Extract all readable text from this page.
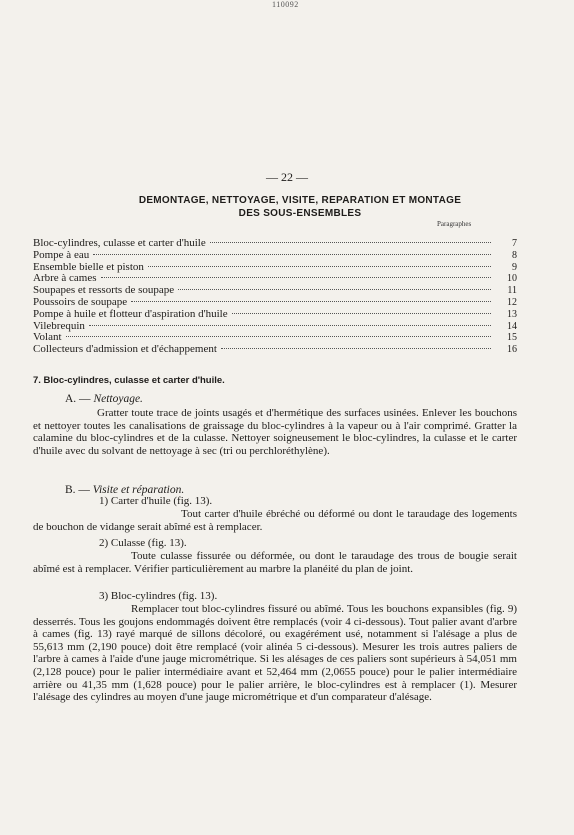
110092
— 22 —
DEMONTAGE, NETTOYAGE, VISITE, REPARATION ET MONTAGE
DES SOUS-ENSEMBLES
Paragraphes
Bloc-cylindres, culasse et carter d'huile	7
Pompe à eau	8
Ensemble bielle et piston	9
Arbre à cames	10
Soupapes et ressorts de soupape	11
Poussoirs de soupape	12
Pompe à huile et flotteur d'aspiration d'huile	13
Vilebrequin	14
Volant	15
Collecteurs d'admission et d'échappement	16
7. Bloc-cylindres, culasse et carter d'huile.
A. — Nettoyage.

Gratter toute trace de joints usagés et d'hermétique des surfaces usinées. Enlever les bouchons et nettoyer toutes les canalisations de graissage du bloc-cylindres à la vapeur ou à l'air comprimé. Gratter la calamine du bloc-cylindres et de la culasse. Nettoyer soigneusement le bloc-cylindres, la culasse et le carter d'huile avec du solvant de nettoyage à sec (tri ou perchloréthylène).

B. — Visite et réparation.
1) Carter d'huile (fig. 13).

Tout carter d'huile ébréché ou déformé ou dont le taraudage des logements de bouchon de vidange serait abîmé est à remplacer.

2) Culasse (fig. 13).

Toute culasse fissurée ou déformée, ou dont le taraudage des trous de bougie serait abîmé est à remplacer. Vérifier particulièrement au marbre la planéité du plan de joint.

3) Bloc-cylindres (fig. 13).

Remplacer tout bloc-cylindres fissuré ou abîmé. Tous les bouchons expansibles (fig. 9) desserrés. Tous les goujons endommagés doivent être remplacés (voir 4 ci-dessous). Tout palier avant d'arbre à cames (fig. 13) rayé marqué de sillons décoloré, ou exagérément usé, notamment si l'alésage a plus de 55,613 mm (2,190 pouce) doit être remplacé (voir alinéa 5 ci-dessous). Mesurer les trois autres paliers de l'arbre à cames à l'aide d'une jauge micrométrique. Si les alésages de ces paliers sont supérieurs à 54,051 mm (2,128 pouce) pour le palier intermédiaire avant et 52,464 mm (2,0655 pouce) pour le palier intermédiaire arrière ou 41,35 mm (1,628 pouce) pour le palier arrière, le bloc-cylindres est à remplacer (1). Mesurer l'alésage des cylindres au moyen d'une jauge micrométrique et d'un comparateur d'alésage.
